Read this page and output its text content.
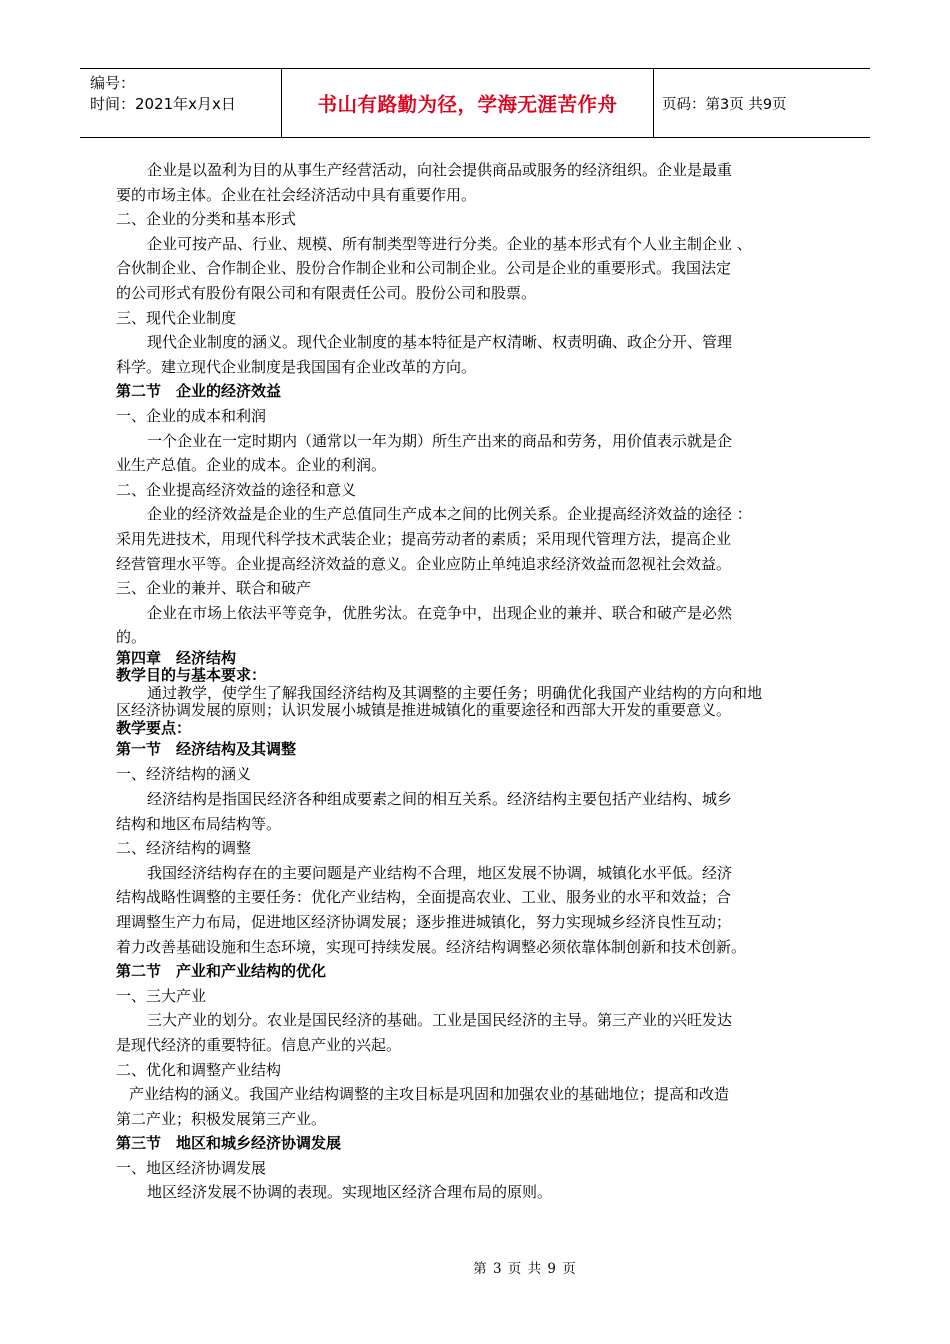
编号：
时间：2021年x月x日	书山有路勤为径，学海无涯苦作舟	页码：第3页 共9页
企业是以盈利为目的从事生产经营活动，向社会提供商品或服务的经济组织。企业是最重
要的市场主体。企业在社会经济活动中具有重要作用。
二、企业的分类和基本形式
企业可按产品、行业、规模、所有制类型等进行分类。企业的基本形式有个人业主制企业 、
合伙制企业、合作制企业、股份合作制企业和公司制企业。公司是企业的重要形式。我国法定
的公司形式有股份有限公司和有限责任公司。股份公司和股票。
三、现代企业制度
现代企业制度的涵义。现代企业制度的基本特征是产权清晰、权责明确、政企分开、管理
科学。建立现代企业制度是我国国有企业改革的方向。
第二节　企业的经济效益
一、企业的成本和利润
一个企业在一定时期内（通常以一年为期）所生产出来的商品和劳务，用价值表示就是企
业生产总值。企业的成本。企业的利润。
二、企业提高经济效益的途径和意义
企业的经济效益是企业的生产总值同生产成本之间的比例关系。企业提高经济效益的途径 ：
采用先进技术，用现代科学技术武装企业；提高劳动者的素质；采用现代管理方法，提高企业
经营管理水平等。企业提高经济效益的意义。企业应防止单纯追求经济效益而忽视社会效益。
三、企业的兼并、联合和破产
企业在市场上依法平等竞争，优胜劣汰。在竞争中，出现企业的兼并、联合和破产是必然
的。
第四章　经济结构
教学目的与基本要求：
通过教学，使学生了解我国经济结构及其调整的主要任务；明确优化我国产业结构的方向和地
区经济协调发展的原则；认识发展小城镇是推进城镇化的重要途径和西部大开发的重要意义。
教学要点：
第一节　经济结构及其调整
一、经济结构的涵义
经济结构是指国民经济各种组成要素之间的相互关系。经济结构主要包括产业结构、城乡
结构和地区布局结构等。
二、经济结构的调整
我国经济结构存在的主要问题是产业结构不合理，地区发展不协调，城镇化水平低。经济
结构战略性调整的主要任务：优化产业结构，全面提高农业、工业、服务业的水平和效益；合
理调整生产力布局，促进地区经济协调发展；逐步推进城镇化，努力实现城乡经济良性互动；
着力改善基础设施和生态环境，实现可持续发展。经济结构调整必须依靠体制创新和技术创新。
第二节　产业和产业结构的优化
一、三大产业
三大产业的划分。农业是国民经济的基础。工业是国民经济的主导。第三产业的兴旺发达
是现代经济的重要特征。信息产业的兴起。
二、优化和调整产业结构
产业结构的涵义。我国产业结构调整的主攻目标是巩固和加强农业的基础地位；提高和改造
第二产业；积极发展第三产业。
第三节　地区和城乡经济协调发展
一、地区经济协调发展
地区经济发展不协调的表现。实现地区经济合理布局的原则。
第 3 页 共 9 页
